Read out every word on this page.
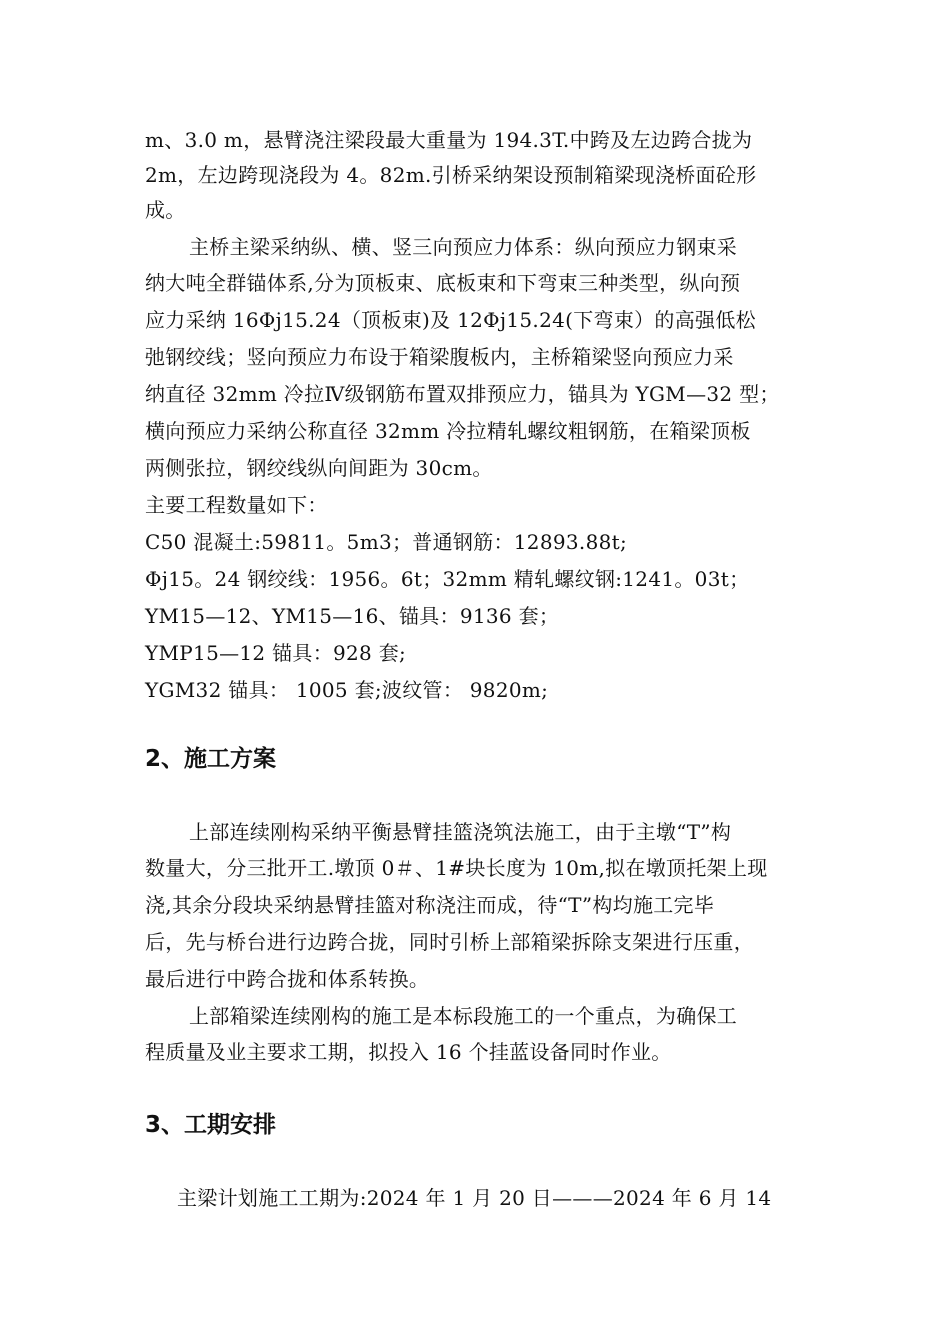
m、3.0 m，悬臂浇注梁段最大重量为 194.3T.中跨及左边跨合拢为
2m，左边跨现浇段为 4。82m.引桥采纳架设预制箱梁现浇桥面砼形
成。
主桥主梁采纳纵、横、竖三向预应力体系：纵向预应力钢束采
纳大吨全群锚体系,分为顶板束、底板束和下弯束三种类型，纵向预
应力采纳 16Φj15.24（顶板束)及 12Φj15.24(下弯束）的高强低松
弛钢绞线；竖向预应力布设于箱梁腹板内，主桥箱梁竖向预应力采
纳直径 32mm 冷拉Ⅳ级钢筋布置双排预应力，锚具为 YGM—32 型；
横向预应力采纳公称直径 32mm 冷拉精轧螺纹粗钢筋，在箱梁顶板
两侧张拉，钢绞线纵向间距为 30cm。
主要工程数量如下：
C50 混凝土:59811。5m3；普通钢筋：12893.88t;
Φj15。24 钢绞线：1956。6t；32mm 精轧螺纹钢:1241。03t；
YM15—12、YM15—16、锚具：9136 套；
YMP15—12 锚具：928 套;
YGM32 锚具： 1005 套;波纹管： 9820m;
2、施工方案
上部连续刚构采纳平衡悬臂挂篮浇筑法施工，由于主墩“T”构
数量大，分三批开工.墩顶 0＃、1#块长度为 10m,拟在墩顶托架上现
浇,其余分段块采纳悬臂挂篮对称浇注而成，待“T”构均施工完毕
后，先与桥台进行边跨合拢，同时引桥上部箱梁拆除支架进行压重，
最后进行中跨合拢和体系转换。
上部箱梁连续刚构的施工是本标段施工的一个重点，为确保工
程质量及业主要求工期，拟投入 16 个挂蓝设备同时作业。
3、工期安排
主梁计划施工工期为:2024 年 1 月 20 日———2024 年 6 月 14
